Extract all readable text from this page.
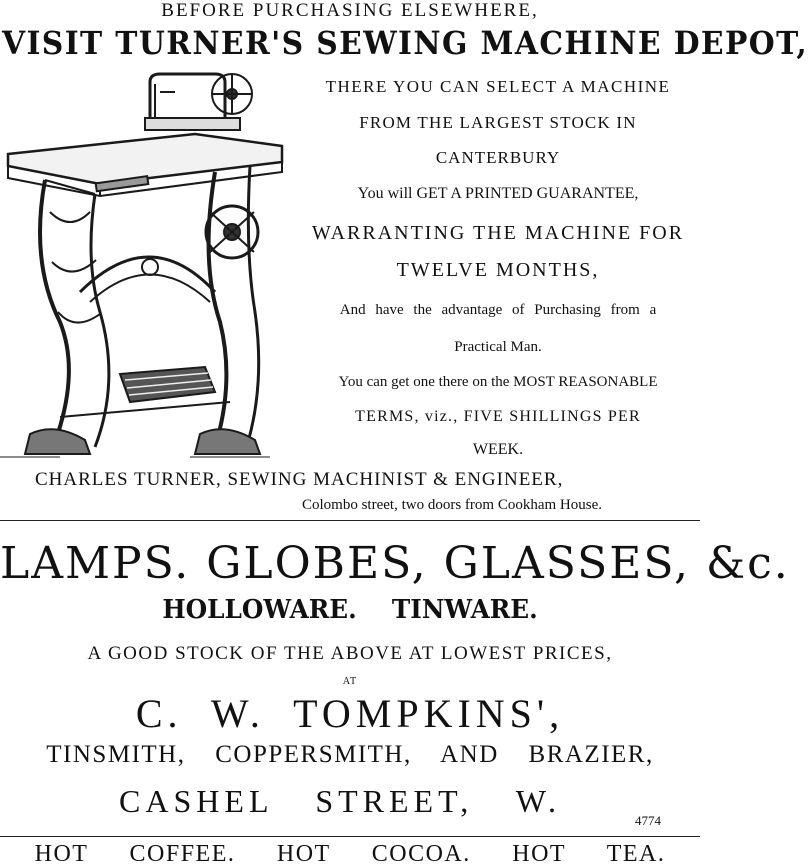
BEFORE PURCHASING ELSEWHERE,
VISIT TURNER'S SEWING MACHINE DEPOT,
THERE YOU CAN SELECT A MACHINE
FROM THE LARGEST STOCK IN
CANTERBURY
You will GET A PRINTED GUARANTEE,
WARRANTING THE MACHINE FOR
TWELVE MONTHS,
And have the advantage of Purchasing from a
Practical Man.
You can get one there on the MOST REASONABLE
TERMS, viz., FIVE SHILLINGS PER
WEEK.
CHARLES TURNER, SEWING MACHINIST & ENGINEER,
Colombo street, two doors from Cookham House.
LAMPS. GLOBES, GLASSES, &c.
HOLLOWARE. TINWARE.
A GOOD STOCK OF THE ABOVE AT LOWEST PRICES,
AT
C. W. TOMPKINS',
TINSMITH, COPPERSMITH, AND BRAZIER,
CASHEL STREET, W.
4774
HOT COFFEE. HOT COCOA. HOT TEA.
